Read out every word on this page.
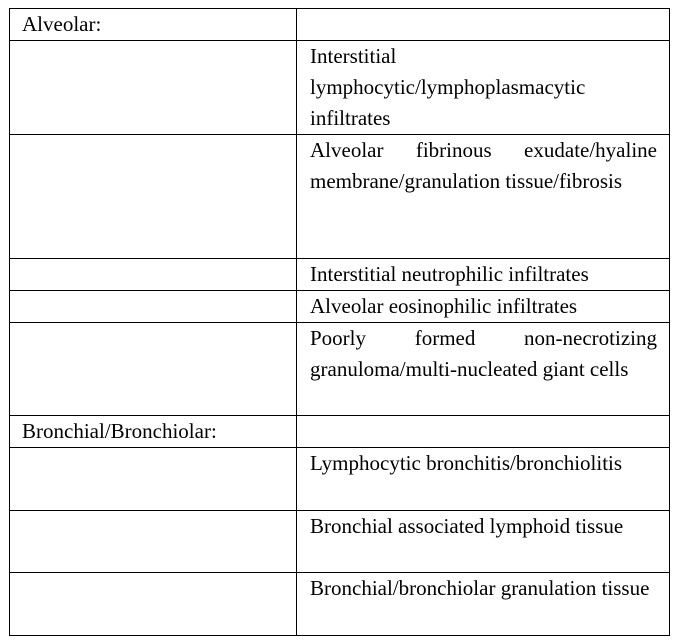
Alveolar:	

	Interstitial lymphocytic/lymphoplasmacytic infiltrates

	Alveolar fibrinous exudate/hyaline membrane/granulation tissue/fibrosis

	Interstitial neutrophilic infiltrates

	Alveolar eosinophilic infiltrates

	Poorly formed non-necrotizing granuloma/multi-nucleated giant cells

Bronchial/Bronchiolar:	

	Lymphocytic bronchitis/bronchiolitis

	Bronchial associated lymphoid tissue

	Bronchial/bronchiolar granulation tissue
